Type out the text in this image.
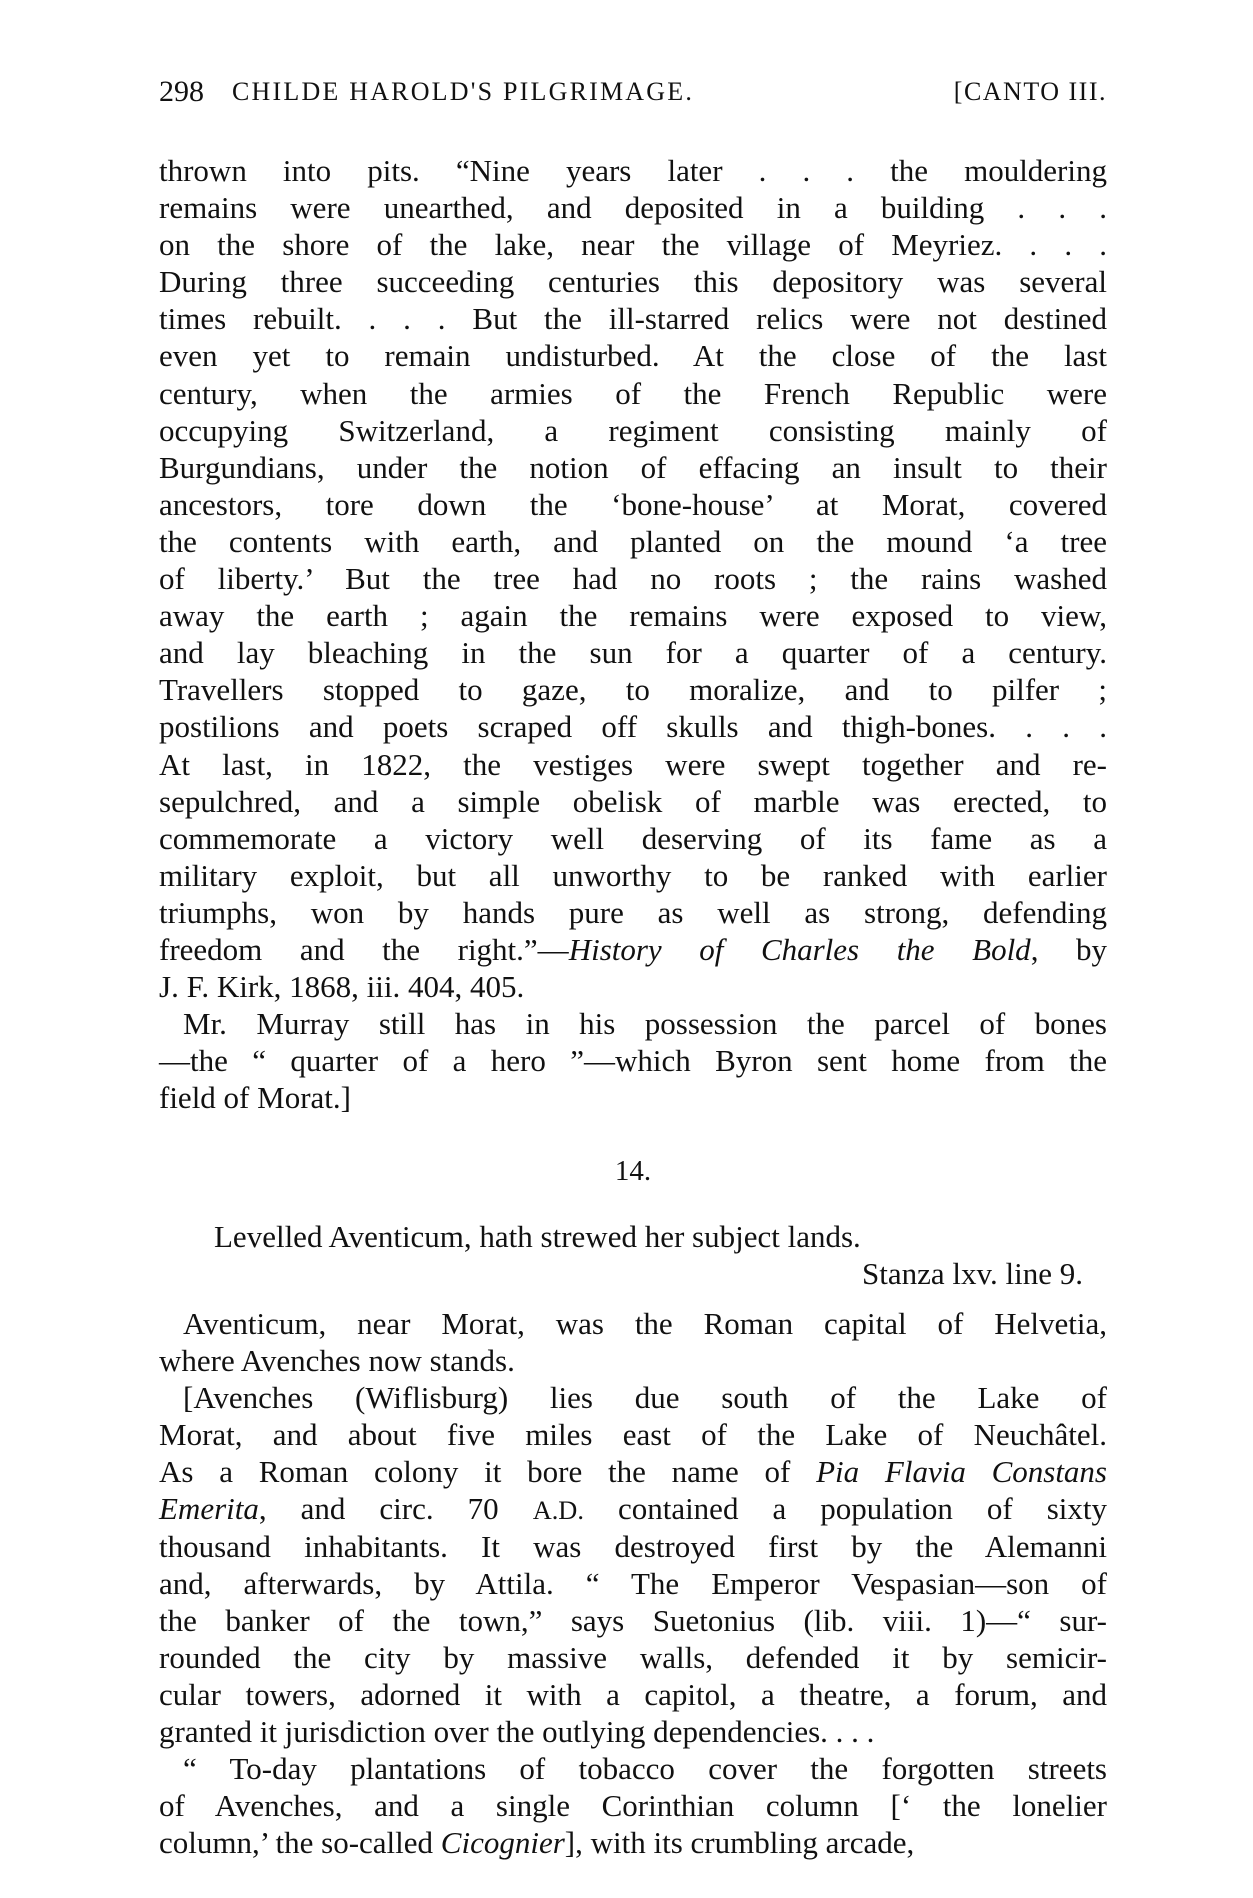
298 CHILDE HAROLD'S PILGRIMAGE.	[CANTO III.
thrown into pits. “Nine years later . . . the mouldering
remains were unearthed, and deposited in a building . . .
on the shore of the lake, near the village of Meyriez. . . .
During three succeeding centuries this depository was several
times rebuilt. . . . But the ill-starred relics were not destined
even yet to remain undisturbed. At the close of the last
century, when the armies of the French Republic were
occupying Switzerland, a regiment consisting mainly of
Burgundians, under the notion of effacing an insult to their
ancestors, tore down the ‘bone-house’ at Morat, covered
the contents with earth, and planted on the mound ‘a tree
of liberty.’ But the tree had no roots ; the rains washed
away the earth ; again the remains were exposed to view,
and lay bleaching in the sun for a quarter of a century.
Travellers stopped to gaze, to moralize, and to pilfer ;
postilions and poets scraped off skulls and thigh-bones. . . .
At last, in 1822, the vestiges were swept together and re-
sepulchred, and a simple obelisk of marble was erected, to
commemorate a victory well deserving of its fame as a
military exploit, but all unworthy to be ranked with earlier
triumphs, won by hands pure as well as strong, defending
freedom and the right.”—History of Charles the Bold, by
J. F. Kirk, 1868, iii. 404, 405.
Mr. Murray still has in his possession the parcel of bones
—the “ quarter of a hero ”—which Byron sent home from the
field of Morat.]
14.
Levelled Aventicum, hath strewed her subject lands.
Stanza lxv. line 9.
Aventicum, near Morat, was the Roman capital of Helvetia,
where Avenches now stands.
[Avenches (Wiflisburg) lies due south of the Lake of
Morat, and about five miles east of the Lake of Neuchâtel.
As a Roman colony it bore the name of Pia Flavia Constans
Emerita, and circ. 70 A.D. contained a population of sixty
thousand inhabitants. It was destroyed first by the Alemanni
and, afterwards, by Attila. “ The Emperor Vespasian—son of
the banker of the town,” says Suetonius (lib. viii. 1)—“ sur-
rounded the city by massive walls, defended it by semicir-
cular towers, adorned it with a capitol, a theatre, a forum, and
granted it jurisdiction over the outlying dependencies. . . .
“ To-day plantations of tobacco cover the forgotten streets
of Avenches, and a single Corinthian column [‘ the lonelier
column,’ the so-called Cicognier], with its crumbling arcade,
